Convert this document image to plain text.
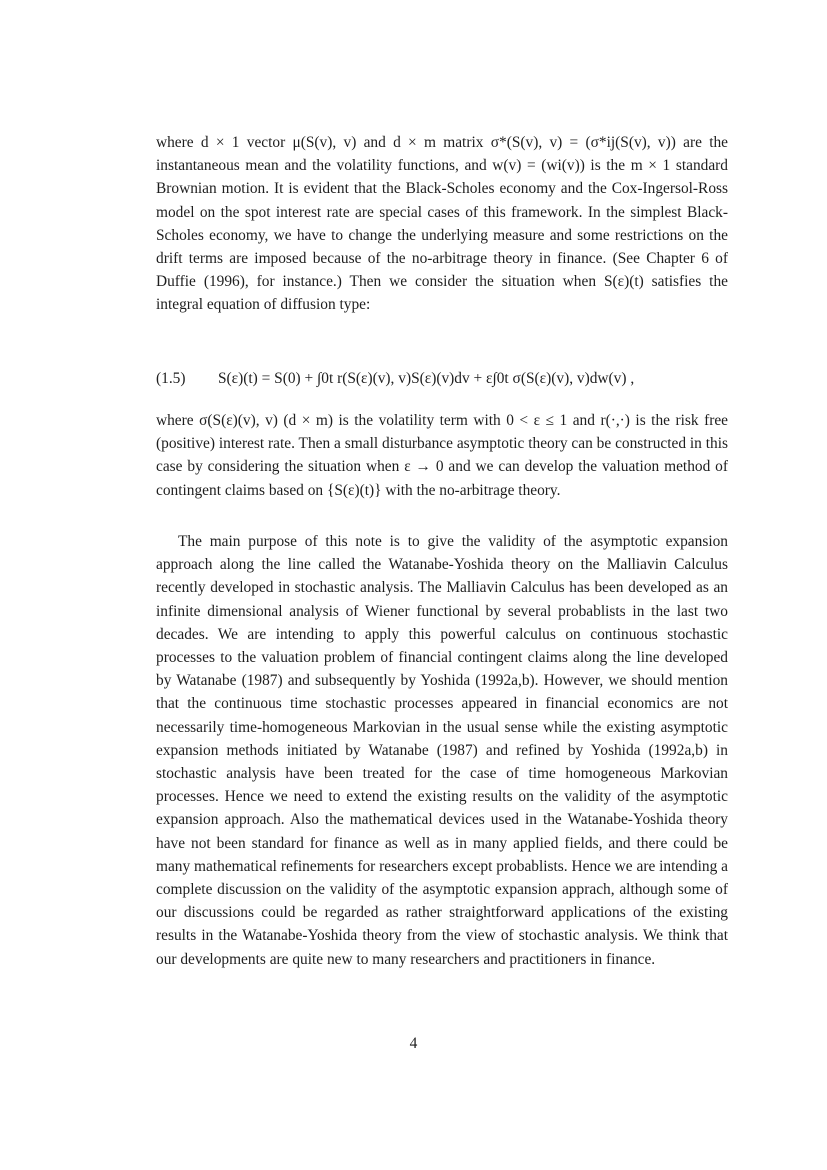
where d × 1 vector μ(S(v), v) and d × m matrix σ*(S(v), v) = (σ*ij(S(v), v)) are the instantaneous mean and the volatility functions, and w(v) = (wi(v)) is the m × 1 standard Brownian motion. It is evident that the Black-Scholes economy and the Cox-Ingersol-Ross model on the spot interest rate are special cases of this framework. In the simplest Black-Scholes economy, we have to change the underlying measure and some restrictions on the drift terms are imposed because of the no-arbitrage theory in finance. (See Chapter 6 of Duffie (1996), for instance.) Then we consider the situation when S(ε)(t) satisfies the integral equation of diffusion type:

(1.5) S(ε)(t) = S(0) + ∫0t r(S(ε)(v), v)S(ε)(v)dv + ε∫0t σ(S(ε)(v), v)dw(v) ,

where σ(S(ε)(v), v) (d × m) is the volatility term with 0 < ε ≤ 1 and r(·,·) is the risk free (positive) interest rate. Then a small disturbance asymptotic theory can be constructed in this case by considering the situation when ε → 0 and we can develop the valuation method of contingent claims based on {S(ε)(t)} with the no-arbitrage theory.

The main purpose of this note is to give the validity of the asymptotic expansion approach along the line called the Watanabe-Yoshida theory on the Malliavin Calculus recently developed in stochastic analysis. The Malliavin Calculus has been developed as an infinite dimensional analysis of Wiener functional by several probablists in the last two decades. We are intending to apply this powerful calculus on continuous stochastic processes to the valuation problem of financial contingent claims along the line developed by Watanabe (1987) and subsequently by Yoshida (1992a,b). However, we should mention that the continuous time stochastic processes appeared in financial economics are not necessarily time-homogeneous Markovian in the usual sense while the existing asymptotic expansion methods initiated by Watanabe (1987) and refined by Yoshida (1992a,b) in stochastic analysis have been treated for the case of time homogeneous Markovian processes. Hence we need to extend the existing results on the validity of the asymptotic expansion approach. Also the mathematical devices used in the Watanabe-Yoshida theory have not been standard for finance as well as in many applied fields, and there could be many mathematical refinements for researchers except probablists. Hence we are intending a complete discussion on the validity of the asymptotic expansion apprach, although some of our discussions could be regarded as rather straightforward applications of the existing results in the Watanabe-Yoshida theory from the view of stochastic analysis. We think that our developments are quite new to many researchers and practitioners in finance.

4
